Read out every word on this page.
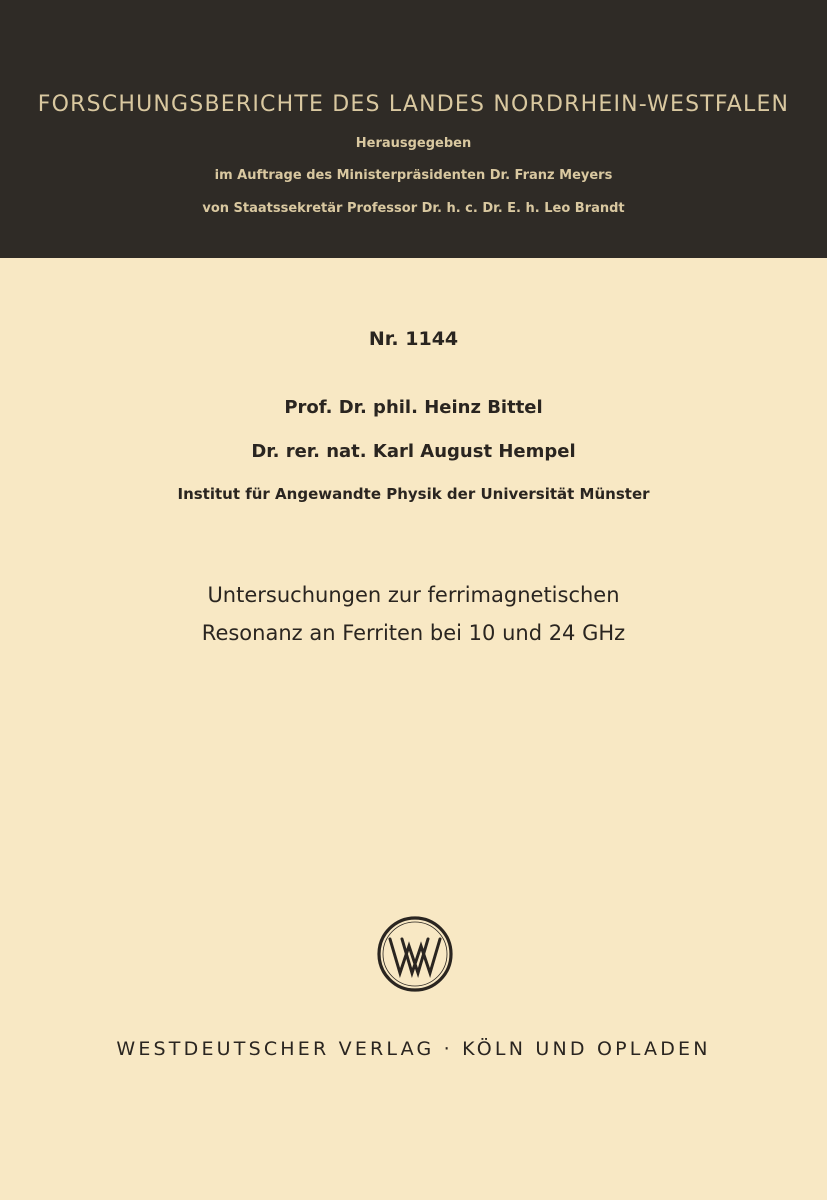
FORSCHUNGSBERICHTE DES LANDES NORDRHEIN-WESTFALEN
Herausgegeben
im Auftrage des Ministerpräsidenten Dr. Franz Meyers
von Staatssekretär Professor Dr. h. c. Dr. E. h. Leo Brandt
Nr. 1144
Prof. Dr. phil. Heinz Bittel
Dr. rer. nat. Karl August Hempel
Institut für Angewandte Physik der Universität Münster
Untersuchungen zur ferrimagnetischen
Resonanz an Ferriten bei 10 und 24 GHz
WESTDEUTSCHER VERLAG · KÖLN UND OPLADEN
